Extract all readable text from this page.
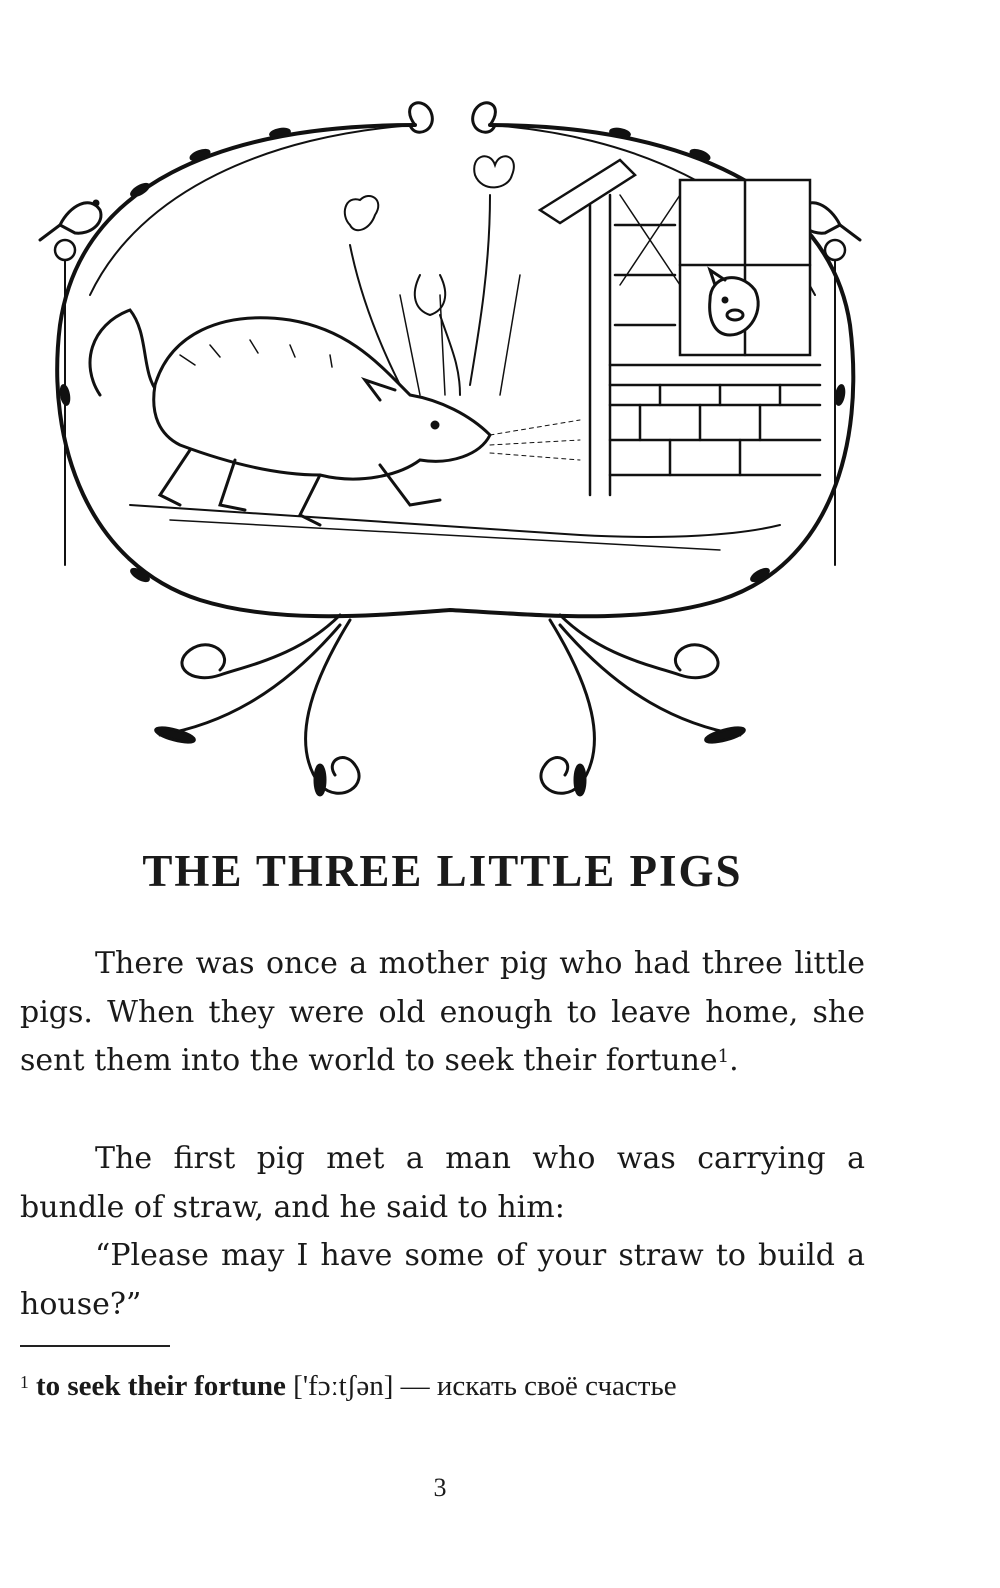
THE THREE LITTLE PIGS
There was once a mother pig who had three little pigs. When they were old enough to leave home, she sent them into the world to seek their fortune$^1$.
The first pig met a man who was carrying a bundle of straw, and he said to him:
“Please may I have some of your straw to build a house?”
$^1$ to seek their fortune ['fɔːtʃən] — искать своё счастье
3
